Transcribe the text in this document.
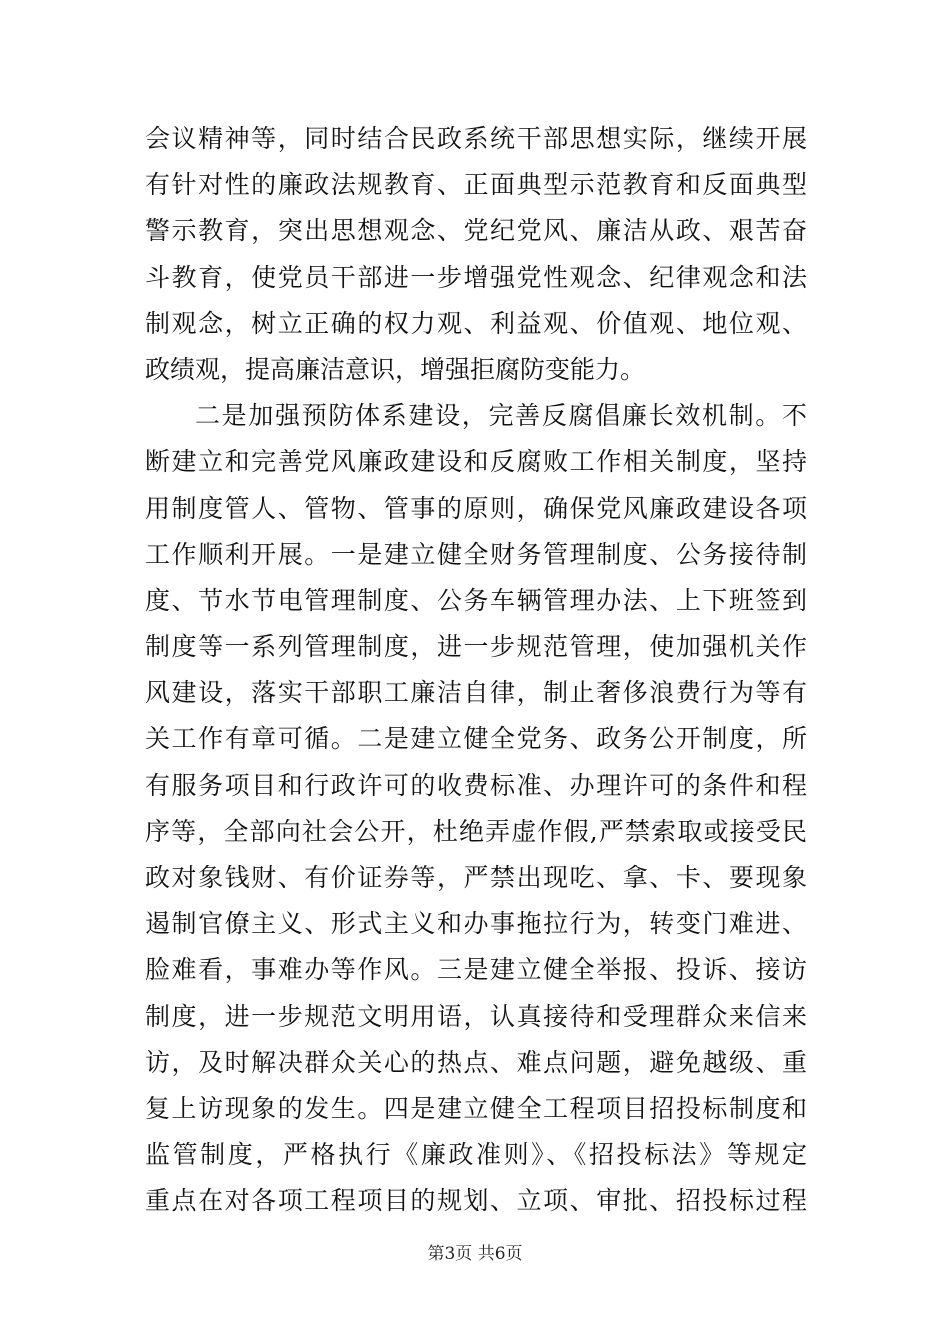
会议精神等，同时结合民政系统干部思想实际，继续开展
有针对性的廉政法规教育、正面典型示范教育和反面典型
警示教育，突出思想观念、党纪党风、廉洁从政、艰苦奋
斗教育，使党员干部进一步增强党性观念、纪律观念和法
制观念，树立正确的权力观、利益观、价值观、地位观、
政绩观，提高廉洁意识，增强拒腐防变能力。
二是加强预防体系建设，完善反腐倡廉长效机制。不
断建立和完善党风廉政建设和反腐败工作相关制度，坚持
用制度管人、管物、管事的原则，确保党风廉政建设各项
工作顺利开展。一是建立健全财务管理制度、公务接待制
度、节水节电管理制度、公务车辆管理办法、上下班签到
制度等一系列管理制度，进一步规范管理，使加强机关作
风建设，落实干部职工廉洁自律，制止奢侈浪费行为等有
关工作有章可循。二是建立健全党务、政务公开制度，所
有服务项目和行政许可的收费标准、办理许可的条件和程
序等，全部向社会公开，杜绝弄虚作假,严禁索取或接受民
政对象钱财、有价证券等，严禁出现吃、拿、卡、要现象
遏制官僚主义、形式主义和办事拖拉行为，转变门难进、
脸难看，事难办等作风。三是建立健全举报、投诉、接访
制度，进一步规范文明用语，认真接待和受理群众来信来
访，及时解决群众关心的热点、难点问题，避免越级、重
复上访现象的发生。四是建立健全工程项目招投标制度和
监管制度，严格执行《廉政准则》、《招投标法》等规定
重点在对各项工程项目的规划、立项、审批、招投标过程
第3页 共6页
